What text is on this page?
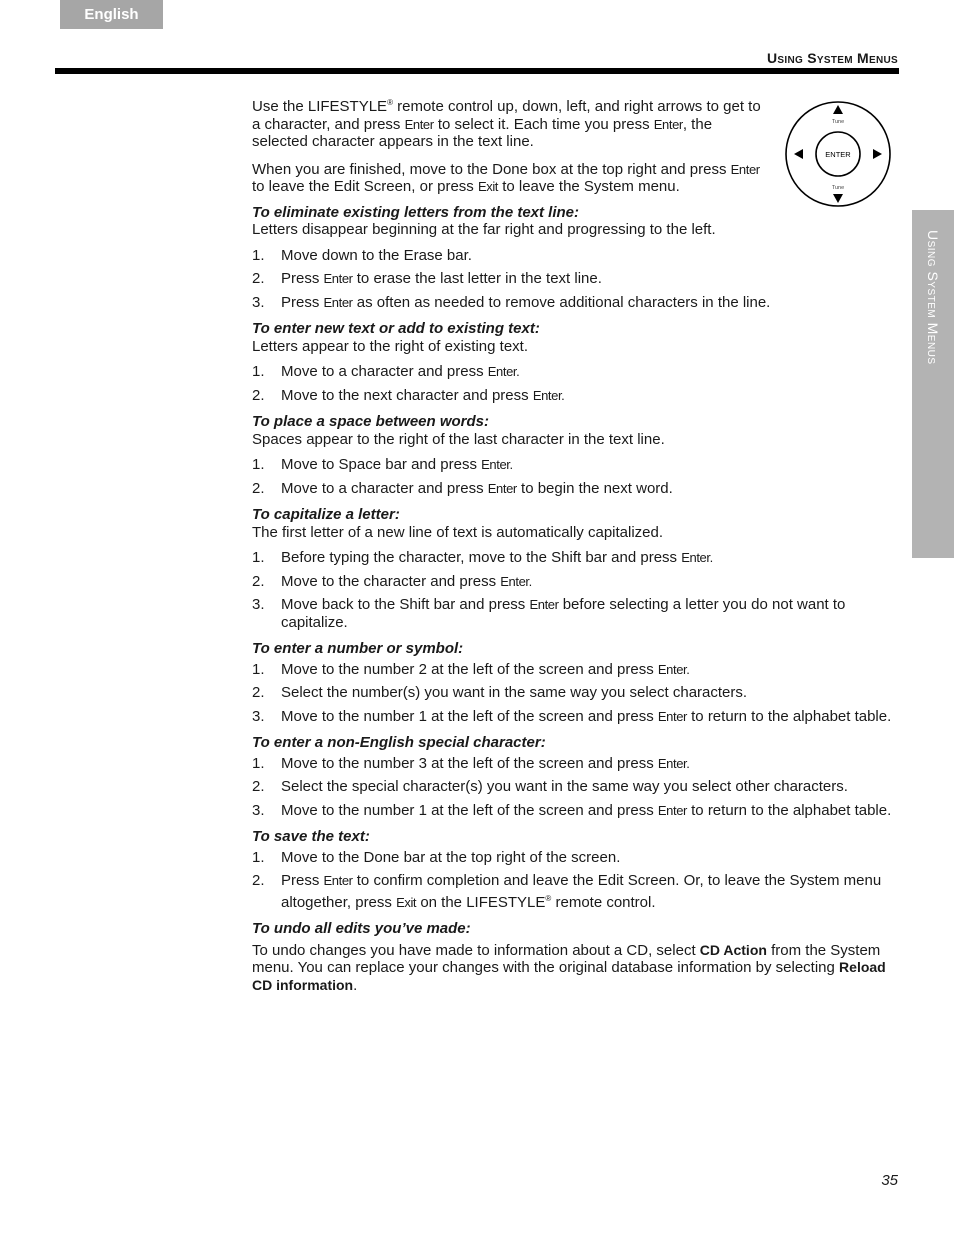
English
Using System Menus
Using System Menus
Tune
Tune
ENTER

Use the LIFESTYLE® remote control up, down, left, and right arrows to get to a character, and press Enter to select it. Each time you press Enter, the selected character appears in the text line.

When you are finished, move to the Done box at the top right and press Enter to leave the Edit Screen, or press Exit to leave the System menu.

To eliminate existing letters from the text line:

Letters disappear beginning at the far right and progressing to the left.

1. Move down to the Erase bar.
2. Press Enter to erase the last letter in the text line.
3. Press Enter as often as needed to remove additional characters in the line.

To enter new text or add to existing text:

Letters appear to the right of existing text.

1. Move to a character and press Enter.
2. Move to the next character and press Enter.

To place a space between words:

Spaces appear to the right of the last character in the text line.

1. Move to Space bar and press Enter.
2. Move to a character and press Enter to begin the next word.

To capitalize a letter:

The first letter of a new line of text is automatically capitalized.

1. Before typing the character, move to the Shift bar and press Enter.
2. Move to the character and press Enter.
3. Move back to the Shift bar and press Enter before selecting a letter you do not want to capitalize.

To enter a number or symbol:

1. Move to the number 2 at the left of the screen and press Enter.
2. Select the number(s) you want in the same way you select characters.
3. Move to the number 1 at the left of the screen and press Enter to return to the alphabet table.

To enter a non-English special character:

1. Move to the number 3 at the left of the screen and press Enter.
2. Select the special character(s) you want in the same way you select other characters.
3. Move to the number 1 at the left of the screen and press Enter to return to the alphabet table.

To save the text:

1. Move to the Done bar at the top right of the screen.
2. Press Enter to confirm completion and leave the Edit Screen. Or, to leave the System menu altogether, press Exit on the LIFESTYLE® remote control.

To undo all edits you’ve made:

To undo changes you have made to information about a CD, select CD Action from the System menu. You can replace your changes with the original database information by selecting Reload CD information.

35
